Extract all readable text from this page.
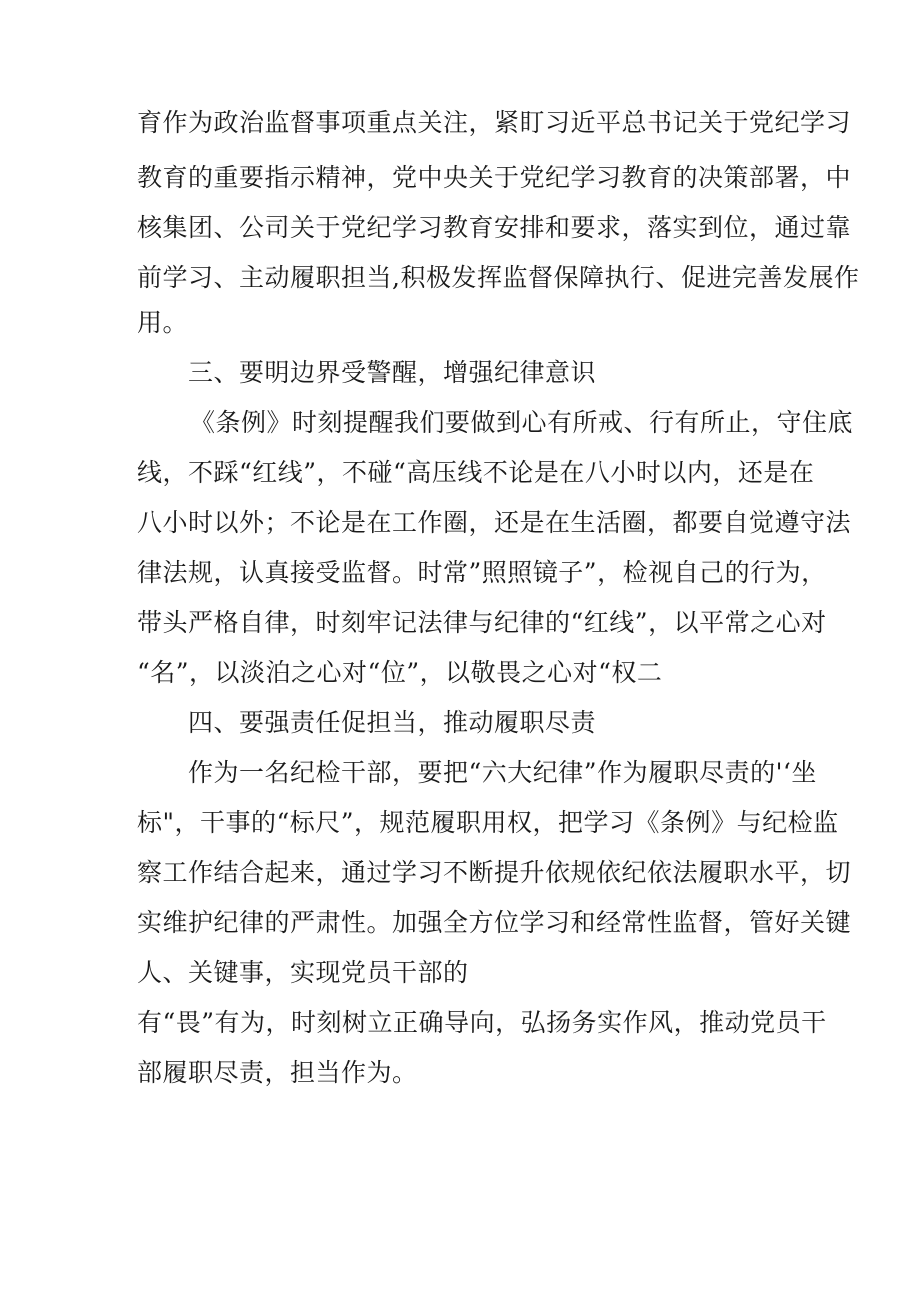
育作为政治监督事项重点关注，紧盯习近平总书记关于党纪学习
教育的重要指示精神，党中央关于党纪学习教育的决策部署，中
核集团、公司关于党纪学习教育安排和要求，落实到位，通过靠
前学习、主动履职担当,积极发挥监督保障执行、促进完善发展作
用。
三、要明边界受警醒，增强纪律意识
《条例》时刻提醒我们要做到心有所戒、行有所止，守住底
线，不踩“红线”，不碰“高压线不论是在八小时以内，还是在
八小时以外；不论是在工作圈，还是在生活圈，都要自觉遵守法
律法规，认真接受监督。时常”照照镜子”，检视自己的行为，
带头严格自律，时刻牢记法律与纪律的“红线”，以平常之心对
“名”，以淡泊之心对“位”，以敬畏之心对“权二
四、要强责任促担当，推动履职尽责
作为一名纪检干部，要把“六大纪律”作为履职尽责的'‘坐
标"，干事的“标尺”，规范履职用权，把学习《条例》与纪检监
察工作结合起来，通过学习不断提升依规依纪依法履职水平，切
实维护纪律的严肃性。加强全方位学习和经常性监督，管好关键
人、关键事，实现党员干部的
有“畏”有为，时刻树立正确导向，弘扬务实作风，推动党员干
部履职尽责，担当作为。
